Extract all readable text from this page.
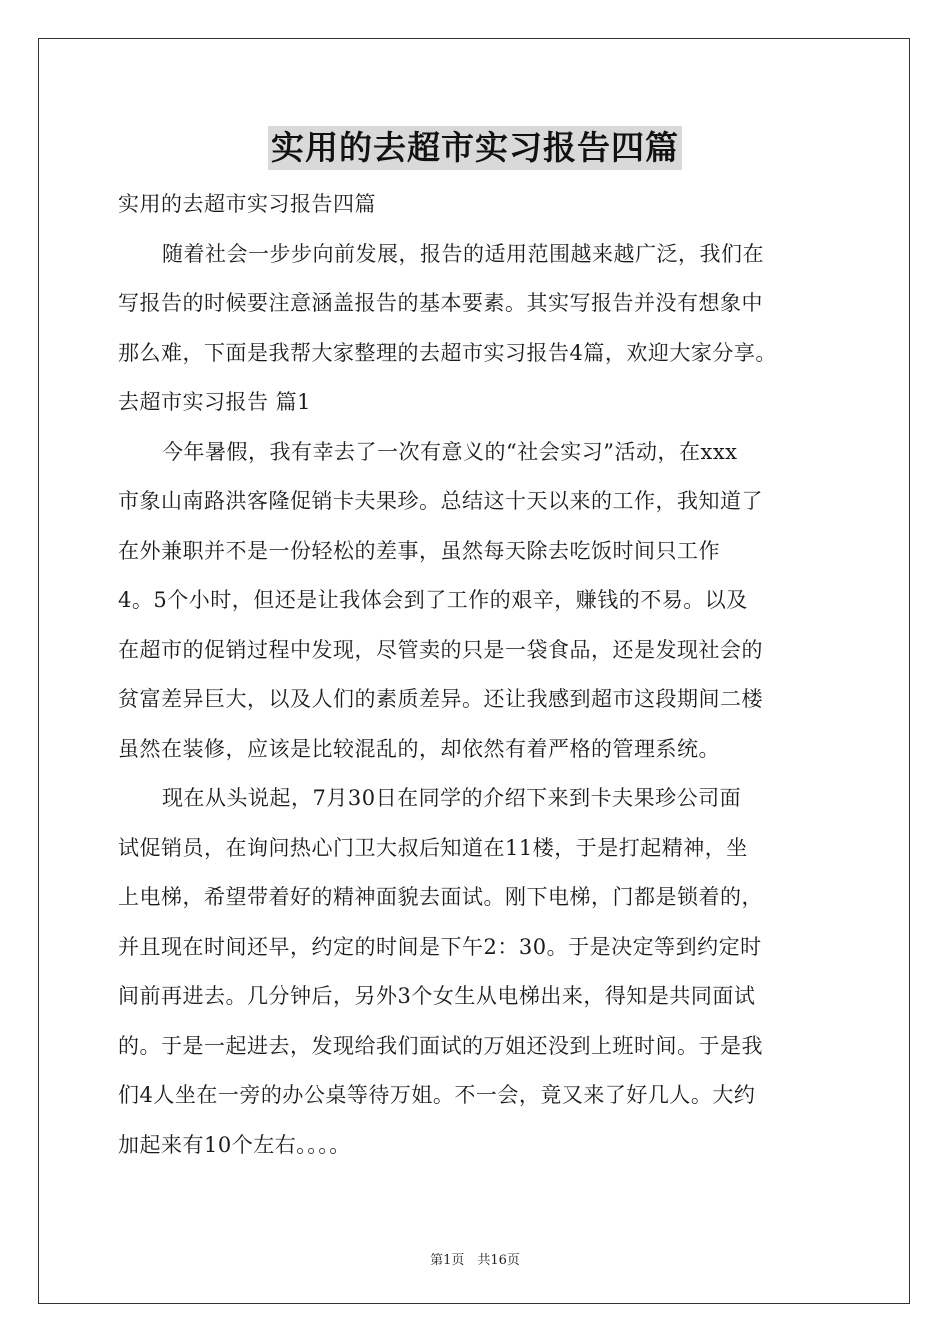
实用的去超市实习报告四篇
实用的去超市实习报告四篇
随着社会一步步向前发展，报告的适用范围越来越广泛，我们在
写报告的时候要注意涵盖报告的基本要素。其实写报告并没有想象中
那么难，下面是我帮大家整理的去超市实习报告4篇，欢迎大家分享。
去超市实习报告 篇1
今年暑假，我有幸去了一次有意义的“社会实习”活动，在xxx
市象山南路洪客隆促销卡夫果珍。总结这十天以来的工作，我知道了
在外兼职并不是一份轻松的差事，虽然每天除去吃饭时间只工作
4。5个小时，但还是让我体会到了工作的艰辛，赚钱的不易。以及
在超市的促销过程中发现，尽管卖的只是一袋食品，还是发现社会的
贫富差异巨大，以及人们的素质差异。还让我感到超市这段期间二楼
虽然在装修，应该是比较混乱的，却依然有着严格的管理系统。
现在从头说起，7月30日在同学的介绍下来到卡夫果珍公司面
试促销员，在询问热心门卫大叔后知道在11楼，于是打起精神，坐
上电梯，希望带着好的精神面貌去面试。刚下电梯，门都是锁着的，
并且现在时间还早，约定的时间是下午2：30。于是决定等到约定时
间前再进去。几分钟后，另外3个女生从电梯出来，得知是共同面试
的。于是一起进去，发现给我们面试的万姐还没到上班时间。于是我
们4人坐在一旁的办公桌等待万姐。不一会，竟又来了好几人。大约
加起来有10个左右。。。。
第1页　共16页
